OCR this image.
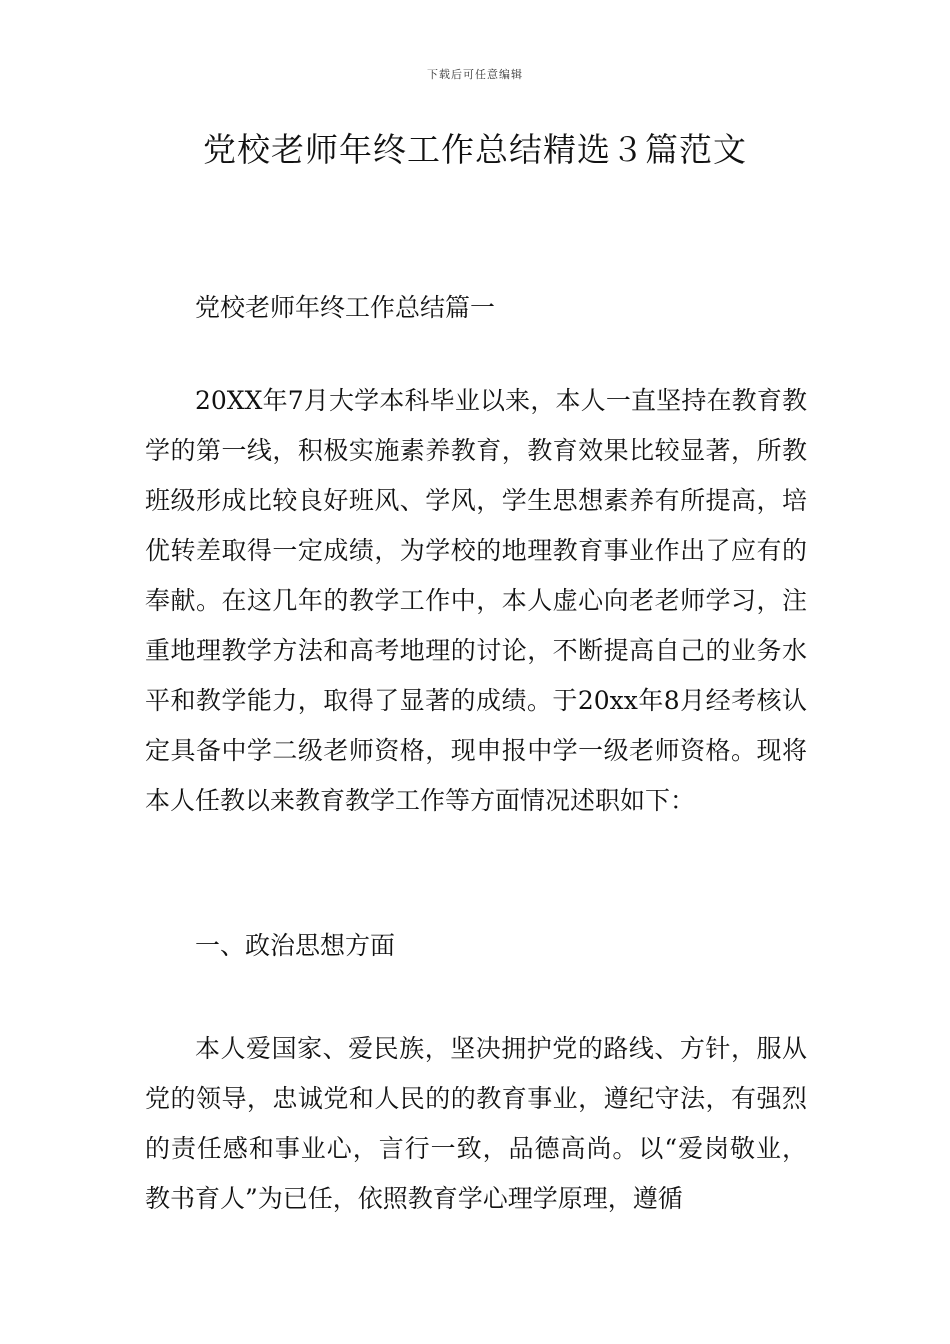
下载后可任意编辑
党校老师年终工作总结精选３篇范文

党校老师年终工作总结篇一

20XX年7月大学本科毕业以来，本人一直坚持在教育教学的第一线，积极实施素养教育，教育效果比较显著，所教班级形成比较良好班风、学风，学生思想素养有所提高，培优转差取得一定成绩，为学校的地理教育事业作出了应有的奉献。在这几年的教学工作中，本人虚心向老老师学习，注重地理教学方法和高考地理的讨论，不断提高自己的业务水平和教学能力，取得了显著的成绩。于20xx年8月经考核认定具备中学二级老师资格，现申报中学一级老师资格。现将本人任教以来教育教学工作等方面情况述职如下：

一、政治思想方面

本人爱国家、爱民族，坚决拥护党的路线、方针，服从党的领导，忠诚党和人民的的教育事业，遵纪守法，有强烈的责任感和事业心，言行一致，品德高尚。以“爱岗敬业，教书育人”为已任，依照教育学心理学原理，遵循
